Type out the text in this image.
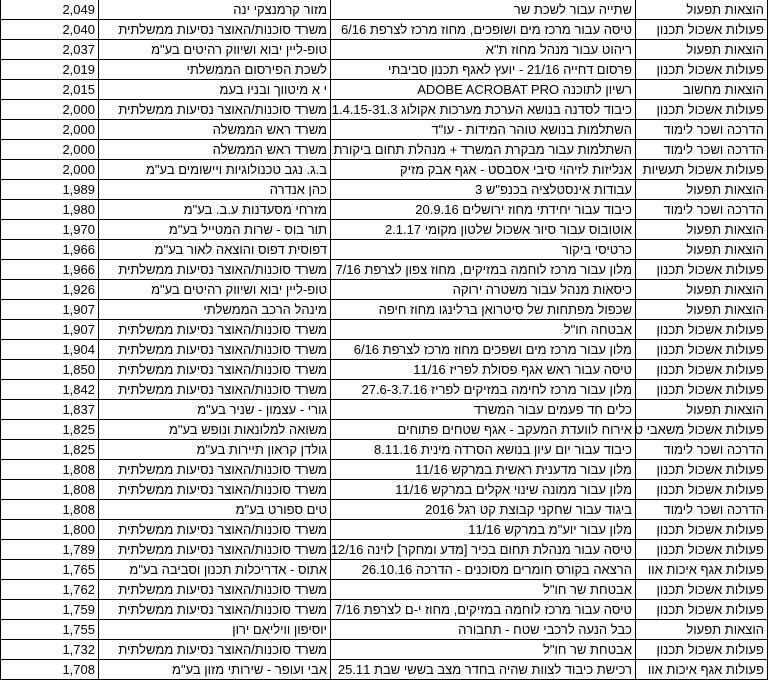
2,049	מזור קרמנצקי ינה	שתייה עבור לשכת שר	הוצאות תפעול
2,040	משרד סוכנות/האוצר נסיעות ממשלתית	טיסה עבור מרכז מים ושופכים, מחוז מרכז לצרפת 6/16	פעולות אשכול תכנון
2,037	טופ-ליין יבוא ושיווק רהיטים בע"מ	ריהוט עבור מנהל מחוז ת"א	הוצאות תפעול
2,019	לשכת הפירסום הממשלתי	פרסום דחייה 21/16 - יועץ לאגף תכנון סביבתי	פעולות אשכול תכנון
2,015	י א מיטווך ובניו בעמ	רשיון לתוכנה ADOBE ACROBAT PRO	הוצאות מחשוב
2,000	משרד סוכנות/האוצר נסיעות ממשלתית	כיבוד לסדנה בנושא הערכת מערכות אקולוג 1.4.15-31.3	פעולות אשכול תכנון
2,000	משרד ראש הממשלה	השתלמות בנושא טוהר המידות - עו"ד	הדרכה ושכר לימוד
2,000	משרד ראש הממשלה	השתלמות עבור מבקרת המשרד + מנהלת תחום ביקורת	הדרכה ושכר לימוד
2,000	ב.ג. נגב טכנולוגיות ויישומים בע"מ	אנליזות לזיהוי סיבי אסבסט - אגף אבק מזיק	פעולות אשכול תעשיות
1,989	כהן אנדרה	עבודות אינסטלציה בכנפ"ש 3	הוצאות תפעול
1,980	מזרחי מסעדנות ע.ב. בע"מ	כיבוד עבור יחידתי מחוז ירושלים 20.9.16	הדרכה ושכר לימוד
1,970	תור בוס - שרות המטייל בע"מ	אוטובוס עבור סיור אשכול שלטון מקומי 2.1.17	הוצאות תפעול
1,966	דפוסית דפוס והוצאה לאור בע"מ	כרטיסי ביקור	הוצאות תפעול
1,966	משרד סוכנות/האוצר נסיעות ממשלתית	מלון עבור מרכז לוחמה במזיקים, מחוז צפון לצרפת 7/16	פעולות אשכול תכנון
1,926	טופ-ליין יבוא ושיווק רהיטים בע"מ	כיסאות מנהל עבור משטרה ירוקה	הוצאות תפעול
1,907	מינהל הרכב הממשלתי	שכפול מפתחות של סיטרואן ברלינגו מחוז חיפה	הוצאות תפעול
1,907	משרד סוכנות/האוצר נסיעות ממשלתית	אבטחה חו"ל	פעולות אשכול תכנון
1,904	משרד סוכנות/האוצר נסיעות ממשלתית	מלון עבור מרכז מים ושפכים מחוז מרכז לצרפת 6/16	פעולות אשכול תכנון
1,850	משרד סוכנות/האוצר נסיעות ממשלתית	טיסה עבור ראש אגף פסולת לפריז 11/16	פעולות אשכול תכנון
1,842	משרד סוכנות/האוצר נסיעות ממשלתית	מלון עבור מרכז לחימה במזיקים לפריז 27.6-3.7.16	פעולות אשכול תכנון
1,837	גורי - עצמון - שניר בע"מ	כלים חד פעמים עבור המשרד	הוצאות תפעול
1,825	משואה למלונאות ונופש בע"מ	אירוח לוועדת המעקב - אגף שטחים פתוחים	פעולות אשכול משאבי ט
1,825	גולדן קראון תיירות בע"מ	כיבוד עבור יום עיון בנושא הסרדה מינית 8.11.16	הדרכה ושכר לימוד
1,808	משרד סוכנות/האוצר נסיעות ממשלתית	מלון עבור מדענית ראשית במרקש 11/16	פעולות אשכול תכנון
1,808	משרד סוכנות/האוצר נסיעות ממשלתית	מלון עבור ממונה שינוי אקלים במרקש 11/16	פעולות אשכול תכנון
1,808	טים ספורט בע"מ	ביגוד עבור שחקני קבוצת קט רגל 2016	הדרכה ושכר לימוד
1,800	משרד סוכנות/האוצר נסיעות ממשלתית	מלון עבור יוע"מ במרקש 11/16	פעולות אשכול תכנון
1,789	משרד סוכנות/האוצר נסיעות ממשלתית	טיסה עבור מנהלת תחום בכיר [מדע ומחקר] לוינה 12/16	פעולות אשכול תכנון
1,765	אתוס - אדריכלות תכנון וסביבה בע"מ	הרצאה בקורס חומרים מסוכנים - הדרכה 26.10.16	פעולות אגף איכות אוו
1,762	משרד סוכנות/האוצר נסיעות ממשלתית	אבטחת שר חו"ל	פעולות אשכול תכנון
1,759	משרד סוכנות/האוצר נסיעות ממשלתית	טיסה עבור מרכז לוחמה במזיקים, מחוז י-ם לצרפת 7/16	פעולות אשכול תכנון
1,755	יוסיפון וויליאם ירון	כבל הנעה לרכבי שטח - תחבורה	הוצאות תפעול
1,732	משרד סוכנות/האוצר נסיעות ממשלתית	אבטחת שר חו"ל	פעולות אשכול תכנון
1,708	אבי ועופר - שירותי מזון בע"מ	רכישת כיבוד לצוות שהיה בחדר מצב בששי שבת 25.11	פעולות אגף איכות אוו
